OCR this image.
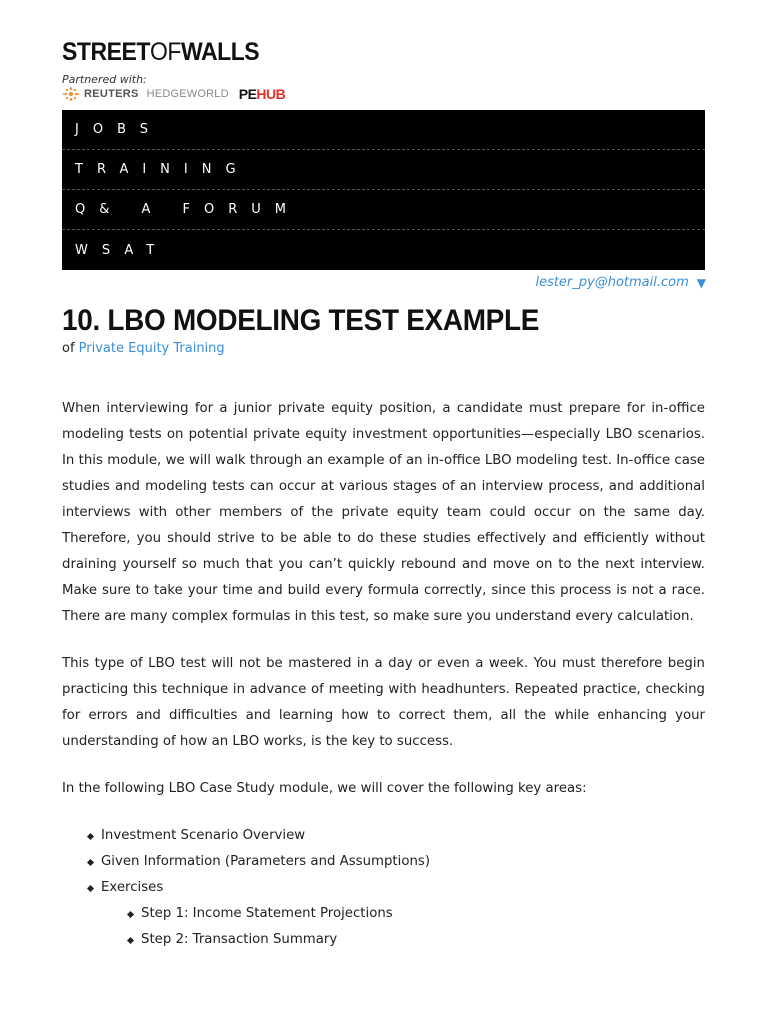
STREETOFWALLS
Partnered with:
REUTERS HEDGEWORLD PEHUB
JOBS
TRAINING
Q& A FORUM
WSAT
lester_py@hotmail.com ▼
10. LBO MODELING TEST EXAMPLE
of Private Equity Training

When interviewing for a junior private equity position, a candidate must prepare for in-office modeling tests on potential private equity investment opportunities—especially LBO scenarios. In this module, we will walk through an example of an in-office LBO modeling test. In-office case studies and modeling tests can occur at various stages of an interview process, and additional interviews with other members of the private equity team could occur on the same day. Therefore, you should strive to be able to do these studies effectively and efficiently without draining yourself so much that you can’t quickly rebound and move on to the next interview. Make sure to take your time and build every formula correctly, since this process is not a race. There are many complex formulas in this test, so make sure you understand every calculation.

This type of LBO test will not be mastered in a day or even a week. You must therefore begin practicing this technique in advance of meeting with headhunters. Repeated practice, checking for errors and difficulties and learning how to correct them, all the while enhancing your understanding of how an LBO works, is the key to success.

In the following LBO Case Study module, we will cover the following key areas:

Investment Scenario Overview
Given Information (Parameters and Assumptions)
Exercises
Step 1: Income Statement Projections
Step 2: Transaction Summary
